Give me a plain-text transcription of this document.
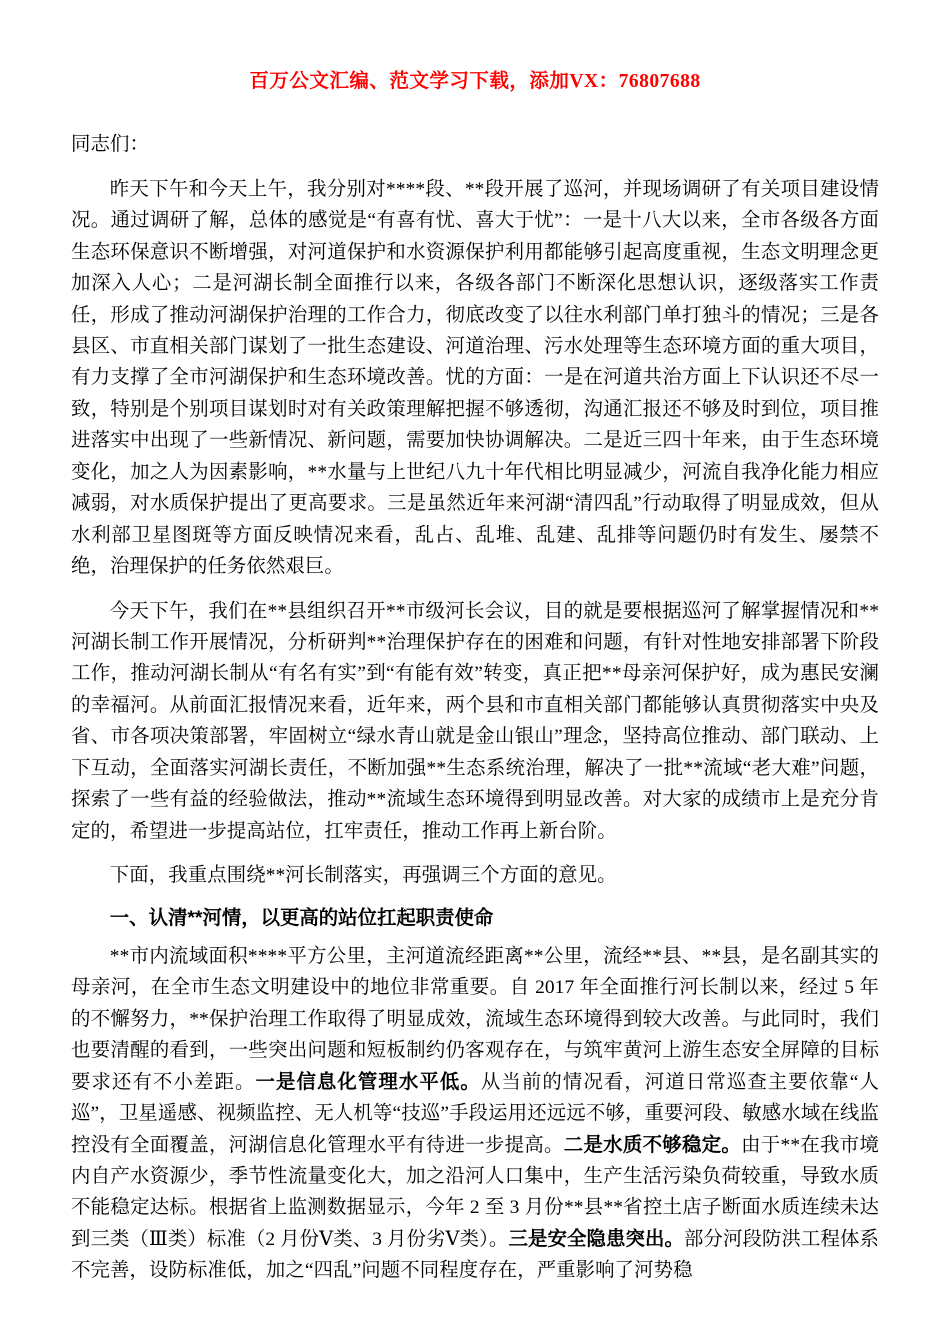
百万公文汇编、范文学习下载，添加VX：76807688

同志们：

昨天下午和今天上午，我分别对****段、**段开展了巡河，并现场调研了有关项目建设情况。通过调研了解，总体的感觉是“有喜有忧、喜大于忧”：一是十八大以来，全市各级各方面生态环保意识不断增强，对河道保护和水资源保护利用都能够引起高度重视，生态文明理念更加深入人心；二是河湖长制全面推行以来，各级各部门不断深化思想认识，逐级落实工作责任，形成了推动河湖保护治理的工作合力，彻底改变了以往水利部门单打独斗的情况；三是各县区、市直相关部门谋划了一批生态建设、河道治理、污水处理等生态环境方面的重大项目，有力支撑了全市河湖保护和生态环境改善。忧的方面：一是在河道共治方面上下认识还不尽一致，特别是个别项目谋划时对有关政策理解把握不够透彻，沟通汇报还不够及时到位，项目推进落实中出现了一些新情况、新问题，需要加快协调解决。二是近三四十年来，由于生态环境变化，加之人为因素影响，**水量与上世纪八九十年代相比明显减少，河流自我净化能力相应减弱，对水质保护提出了更高要求。三是虽然近年来河湖“清四乱”行动取得了明显成效，但从水利部卫星图斑等方面反映情况来看，乱占、乱堆、乱建、乱排等问题仍时有发生、屡禁不绝，治理保护的任务依然艰巨。

今天下午，我们在**县组织召开**市级河长会议，目的就是要根据巡河了解掌握情况和**河湖长制工作开展情况，分析研判**治理保护存在的困难和问题，有针对性地安排部署下阶段工作，推动河湖长制从“有名有实”到“有能有效”转变，真正把**母亲河保护好，成为惠民安澜的幸福河。从前面汇报情况来看，近年来，两个县和市直相关部门都能够认真贯彻落实中央及省、市各项决策部署，牢固树立“绿水青山就是金山银山”理念，坚持高位推动、部门联动、上下互动，全面落实河湖长责任，不断加强**生态系统治理，解决了一批**流域“老大难”问题，探索了一些有益的经验做法，推动**流域生态环境得到明显改善。对大家的成绩市上是充分肯定的，希望进一步提高站位，扛牢责任，推动工作再上新台阶。

下面，我重点围绕**河长制落实，再强调三个方面的意见。

一、认清**河情，以更高的站位扛起职责使命

**市内流域面积****平方公里，主河道流经距离**公里，流经**县、**县，是名副其实的母亲河，在全市生态文明建设中的地位非常重要。自 2017 年全面推行河长制以来，经过 5 年的不懈努力，**保护治理工作取得了明显成效，流域生态环境得到较大改善。与此同时，我们也要清醒的看到，一些突出问题和短板制约仍客观存在，与筑牢黄河上游生态安全屏障的目标要求还有不小差距。一是信息化管理水平低。从当前的情况看，河道日常巡查主要依靠“人巡”，卫星遥感、视频监控、无人机等“技巡”手段运用还远远不够，重要河段、敏感水域在线监控没有全面覆盖，河湖信息化管理水平有待进一步提高。二是水质不够稳定。由于**在我市境内自产水资源少，季节性流量变化大，加之沿河人口集中，生产生活污染负荷较重，导致水质不能稳定达标。根据省上监测数据显示，今年 2 至 3 月份**县**省控土店子断面水质连续未达到三类（Ⅲ类）标准（2 月份Ⅴ类、3 月份劣Ⅴ类）。三是安全隐患突出。部分河段防洪工程体系不完善，设防标准低，加之“四乱”问题不同程度存在，严重影响了河势稳
